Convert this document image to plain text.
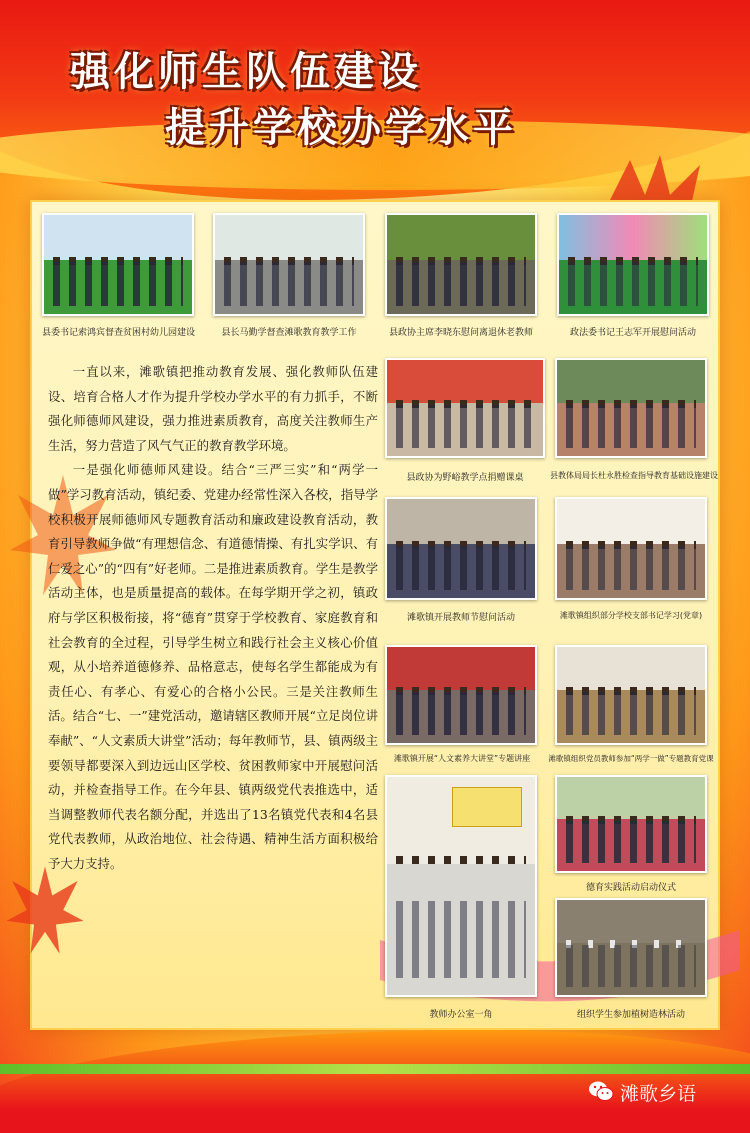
强化师生队伍建设
提升学校办学水平
县委书记索鸿宾督查贫困村幼儿园建设	县长马勤学督查滩歌教育教学工作	县政协主席李晓东慰问离退休老教师	政法委书记王志军开展慰问活动
县政协为野峪教学点捐赠课桌	县教体局局长杜永胜检查指导教育基础设施建设
滩歌镇开展教师节慰问活动	滩歌镇组织部分学校支部书记学习(党章)
滩歌镇开展“人文素养大讲堂”专题讲座	滩歌镇组织党员教师参加“两学一做”专题教育党课
教师办公室一角
德育实践活动启动仪式
组织学生参加植树造林活动

一直以来，滩歌镇把推动教育发展、强化教师队伍建设、培育合格人才作为提升学校办学水平的有力抓手，不断强化师德师风建设，强力推进素质教育，高度关注教师生产生活，努力营造了风气气正的教育教学环境。

一是强化师德师风建设。结合“三严三实”和“两学一做”学习教育活动，镇纪委、党建办经常性深入各校，指导学校积极开展师德师风专题教育活动和廉政建设教育活动，教育引导教师争做“有理想信念、有道德情操、有扎实学识、有仁爱之心”的“四有”好老师。二是推进素质教育。学生是教学活动主体，也是质量提高的载体。在每学期开学之初，镇政府与学区积极衔接，将“德育”贯穿于学校教育、家庭教育和社会教育的全过程，引导学生树立和践行社会主义核心价值观，从小培养道德修养、品格意志，使每名学生都能成为有责任心、有孝心、有爱心的合格小公民。三是关注教师生活。结合“七、一”建党活动，邀请辖区教师开展“立足岗位讲奉献”、“人文素质大讲堂”活动；每年教师节，县、镇两级主要领导都要深入到边远山区学校、贫困教师家中开展慰问活动，并检查指导工作。在今年县、镇两级党代表推选中，适当调整教师代表名额分配，并选出了13名镇党代表和4名县党代表教师，从政治地位、社会待遇、精神生活方面积极给予大力支持。

滩歌乡语
